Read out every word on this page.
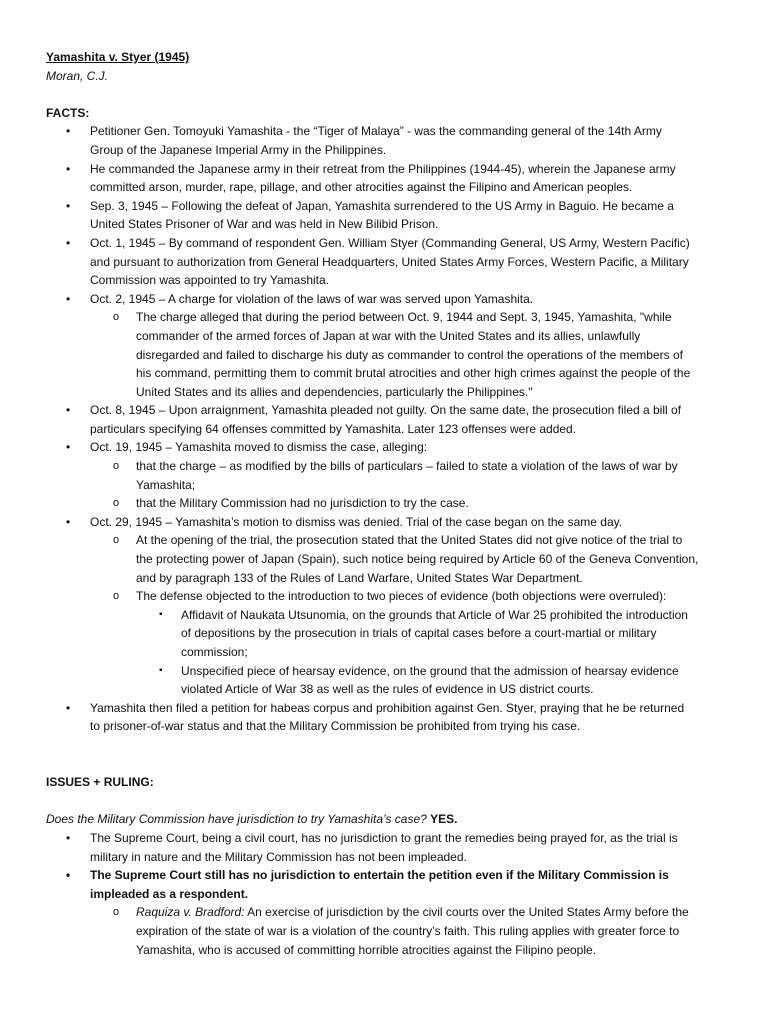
Yamashita v. Styer (1945)
Moran, C.J.
FACTS:
• Petitioner Gen. Tomoyuki Yamashita - the “Tiger of Malaya” - was the commanding general of the 14th Army
Group of the Japanese Imperial Army in the Philippines.
• He commanded the Japanese army in their retreat from the Philippines (1944-45), wherein the Japanese army
committed arson, murder, rape, pillage, and other atrocities against the Filipino and American peoples.
• Sep. 3, 1945 – Following the defeat of Japan, Yamashita surrendered to the US Army in Baguio. He became a
United States Prisoner of War and was held in New Bilibid Prison.
• Oct. 1, 1945 – By command of respondent Gen. William Styer (Commanding General, US Army, Western Pacific)
and pursuant to authorization from General Headquarters, United States Army Forces, Western Pacific, a Military
Commission was appointed to try Yamashita.
• Oct. 2, 1945 – A charge for violation of the laws of war was served upon Yamashita.
o The charge alleged that during the period between Oct. 9, 1944 and Sept. 3, 1945, Yamashita, "while
commander of the armed forces of Japan at war with the United States and its allies, unlawfully
disregarded and failed to discharge his duty as commander to control the operations of the members of
his command, permitting them to commit brutal atrocities and other high crimes against the people of the
United States and its allies and dependencies, particularly the Philippines."
• Oct. 8, 1945 – Upon arraignment, Yamashita pleaded not guilty. On the same date, the prosecution filed a bill of
particulars specifying 64 offenses committed by Yamashita. Later 123 offenses were added.
• Oct. 19, 1945 – Yamashita moved to dismiss the case, alleging:
o that the charge – as modified by the bills of particulars – failed to state a violation of the laws of war by
Yamashita;
o that the Military Commission had no jurisdiction to try the case.
• Oct. 29, 1945 – Yamashita’s motion to dismiss was denied. Trial of the case began on the same day.
o At the opening of the trial, the prosecution stated that the United States did not give notice of the trial to
the protecting power of Japan (Spain), such notice being required by Article 60 of the Geneva Convention,
and by paragraph 133 of the Rules of Land Warfare, United States War Department.
o The defense objected to the introduction to two pieces of evidence (both objections were overruled):
▪ Affidavit of Naukata Utsunomia, on the grounds that Article of War 25 prohibited the introduction
of depositions by the prosecution in trials of capital cases before a court-martial or military
commission;
▪ Unspecified piece of hearsay evidence, on the ground that the admission of hearsay evidence
violated Article of War 38 as well as the rules of evidence in US district courts.
• Yamashita then filed a petition for habeas corpus and prohibition against Gen. Styer, praying that he be returned
to prisoner-of-war status and that the Military Commission be prohibited from trying his case.
ISSUES + RULING:
Does the Military Commission have jurisdiction to try Yamashita’s case? YES.
• The Supreme Court, being a civil court, has no jurisdiction to grant the remedies being prayed for, as the trial is
military in nature and the Military Commission has not been impleaded.
• The Supreme Court still has no jurisdiction to entertain the petition even if the Military Commission is
impleaded as a respondent.
o Raquiza v. Bradford: An exercise of jurisdiction by the civil courts over the United States Army before the
expiration of the state of war is a violation of the country’s faith. This ruling applies with greater force to
Yamashita, who is accused of committing horrible atrocities against the Filipino people.
